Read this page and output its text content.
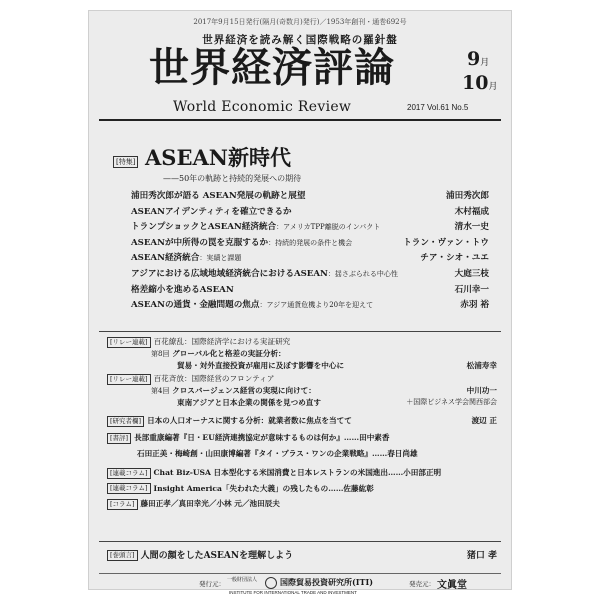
2017年9月15日発行(隔月(奇数月)発行)／1953年創刊・通巻692号
世界経済を読み解く国際戦略の羅針盤
世界経済評論	9月
10月
World Economic Review	2017 Vol.61 No.5
[特集] ASEAN新時代
——50年の軌跡と持続的発展への期待
浦田秀次郎が語る ASEAN発展の軌跡と展望	浦田秀次郎
ASEANアイデンティティを確立できるか	木村福成
トランプショックとASEAN経済統合：アメリカTPP離脱のインパクト	清水一史
ASEANが中所得の罠を克服するか：持続的発展の条件と機会	トラン・ヴァン・トウ
ASEAN経済統合：実績と課題	チア・シオ・ユエ
アジアにおける広域地域経済統合におけるASEAN：揺さぶられる中心性	大庭三枝
格差縮小を進めるASEAN	石川幸一
ASEANの通貨・金融問題の焦点：アジア通貨危機より20年を迎えて	赤羽 裕
[リレー連載] 百花繚乱：国際経済学における実証研究
第8回 グローバル化と格差の実証分析：
貿易・対外直接投資が雇用に及ぼす影響を中心に	松浦寿幸
[リレー連載] 百花斉放：国際経営のフロンティア
第4回 クロスバージェンス経営の実現に向けて：	中川功一
東南アジアと日本企業の関係を見つめ直す	＋国際ビジネス学会関西部会
[研究者欄] 日本の人口オーナスに関する分析：就業者数に焦点を当てて	渡辺 正
[書評] 長部重康編著『日・EU経済連携協定が意味するものは何か』……田中素香
石田正美・梅崎創・山田康博編著『タイ・プラス・ワンの企業戦略』……春日尚雄
[連載コラム] Chat Biz-USA 日本型化する米国消費と日本レストランの米国進出……小田部正明
[連載コラム] Insight America「失われた大義」の残したもの……佐藤紘彰
[コラム] 藤田正孝／真田幸光／小林 元／池田辰夫
[巻頭言] 人間の顔をしたASEANを理解しよう	猪口 孝
発行元： 一般財団法人	国際貿易投資研究所(ITI)
INSTITUTE FOR INTERNATIONAL TRADE AND INVESTMENT
発売元： 文眞堂
